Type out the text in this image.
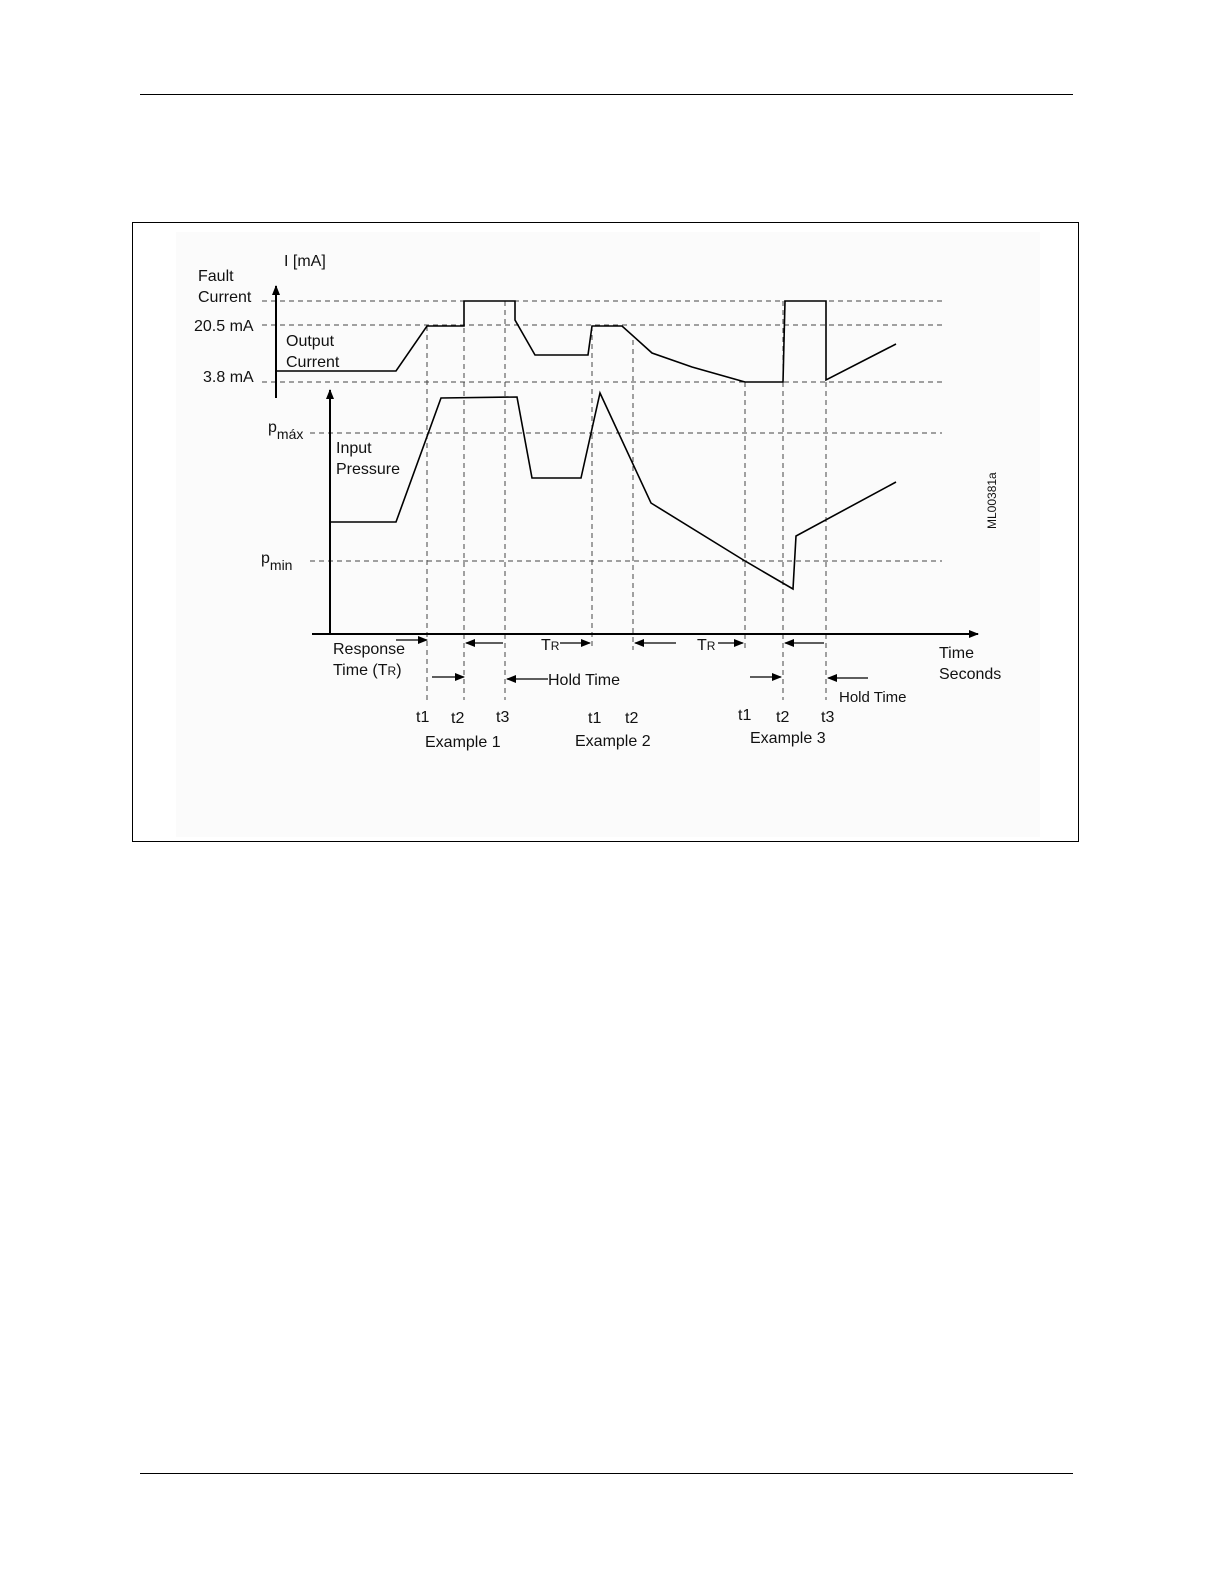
I [mA]
Fault
Current
20.5 mA
3.8 mA
Output
Current
pmáx
pmin
Input
Pressure
Time
Seconds
Response
Time (TR)
TR	TR
Hold Time
Hold Time
t1 t2 t3
Example 1
t1 t2
Example 2
t1 t2 t3
Example 3
ML00381a
